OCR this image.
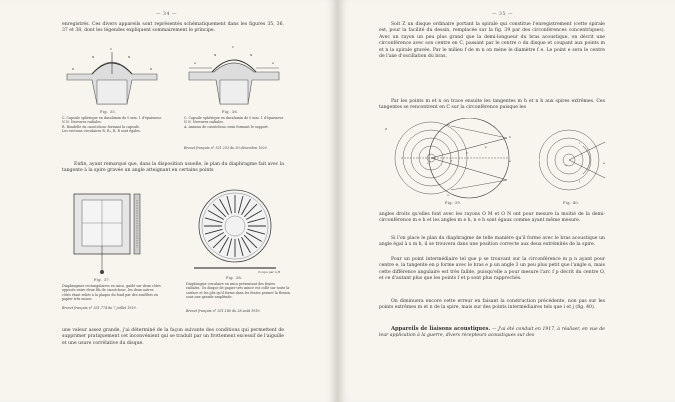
— 34 —
enregistrés. Ces divers appareils sont représentés schématiquement dans les figures 35, 36, 37 et 38, dont les légendes expliquent sommairement le principe.
R
C
N	N
R
Fig. 35.
C. Capsule sphérique en duralumin de 0 mm. 1 d'épaisseur.
N N. Nervures radiales.
R. Rondelle en caoutchouc formant la capsule.
Les sections circulaires R, R₁, R, R sont égales.
A
C
N	N
A
Fig. 36.
C. Capsule sphérique en duralumin de 0 mm. 1 d'épaisseur.
N N. Nervures radiales.
A. Anneau de caoutchouc semi formant le support.
Brevet français n° 531.253 du 30 décembre 1920.
Enfin, ayant remarqué que, dans la disposition usuelle, le plan du diaphragme fait avec la tangente à la spire gravée un angle atteignant en certains points
Fig. 37.
Diaphragmes rectangulaires en mica, guidé sur deux côtés opposés entre deux fils de caoutchouc, les deux autres côtés étant reliés à la plaque du fond par des soufflets en papier très mince.
Brevet français n° 531.774 du 7 juillet 1919.
Coupe par A B
Fig. 38.
Diaphragme circulaire en mica présentant des fentes radiales. Un disque de papier très mince est collé sur toute la surface et les plis qu'il forme dans les fentes permet la flexion sous une grande amplitude.
Brevet français n° 531.180 du 28 août 1919.
une valeur assez grande, j'ai déterminé de la façon suivante des conditions qui permettent de supprimer pratiquement cet inconvénient qui se traduit par un frottement excessif de l'aiguille et une usure corrélative du disque.
— 35 —
Soit Z un disque ordinaire portant la spirale qui constitue l'enregistrement (cette spirale est, pour la facilité du dessin, remplacée sur la fig. 39 par des circonférences concentriques). Avec un rayon un peu plus grand que la demi-longueur du bras acoustique, on décrit une circonférence avec son centre en C, passant par le centre o du disque et coupant aux points m et n la spirale gravée. Par le milieu f de m n on mène le diamètre f e. Le point e sera le centre de l'axe d'oscillation du bras.
Par les points m et n on trace ensuite les tangentes m h et n h aux spires extrêmes. Ces tangentes se rencontrent en C sur la circonférence puisque les
Z
m
n
o	e
C
h
f
p
Fig. 39.
i
j
o	e
Fig. 40.
angles droits qu'elles font avec les rayons O M et O N ont pour mesure la moitié de la demi-circonférence m e h et les angles m e h, n e h sont égaux comme ayant même mesure.
Si l'on place le plan du diaphragme de telle manière qu'il forme avec le bras acoustique un angle égal à x m h, il se trouvera dans une position correcte aux deux extrémités de la spire.
Pour un point intermédiaire tel que p se trouvant sur la circonférence m p n ayant pour centre e, la tangente en p forme avec le bras e p un angle 3 un peu plus petit que l'angle α, mais cette différence angulaire est très faible, puisqu'elle a pour mesure l'arc f p décrit du centre O, et ce d'autant plus que les points f et p sont plus rapprochés.
On diminuera encore cette erreur en faisant la construction précédente, non pas sur les points extrêmes m et n de la spire, mais sur des points intermédiaires tels que i et j (fig. 40).
Appareils de liaisons acoustiques. — J'ai été conduit en 1917, à réaliser, en vue de leur application à la guerre, divers récepteurs acoustiques sur des
